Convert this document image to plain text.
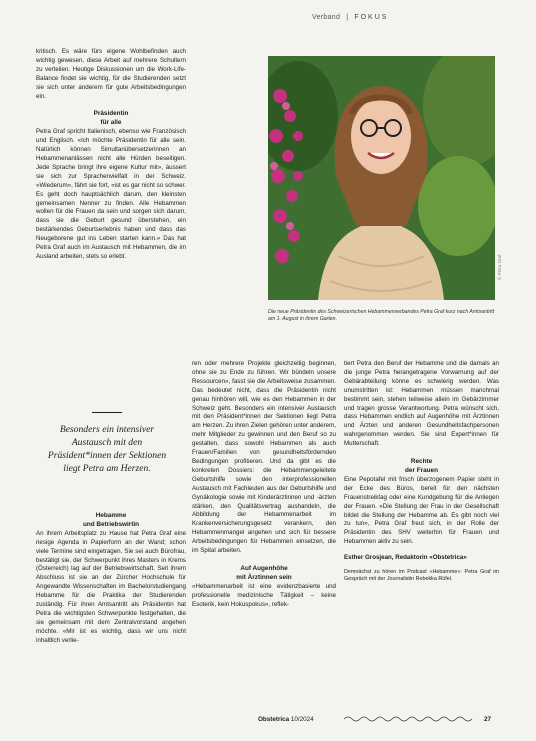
Verband | FOKUS

kritisch. Es wäre fürs eigene Wohlbefinden auch wichtig gewesen, diese Arbeit auf mehrere Schultern zu verteilen. Heutige Diskussionen um die Work-Life-Balance findet sie wichtig, für die Studierenden setzt sie sich unter anderem für gute Arbeitsbedingungen ein.

Präsidentin
für alle

Petra Graf spricht Italienisch, ebenso wie Französisch und Englisch. «Ich möchte Präsidentin für alle sein. Natürlich können Simultanübersetzerinnen an Hebammenanlässen nicht alle Hürden beseitigen. Jede Sprache bringt ihre eigene Kultur mit», äussert sie sich zur Sprachenvielfalt in der Schweiz. «Wiederum», fährt sie fort, «ist es gar nicht so schwer. Es geht doch hauptsächlich darum, den kleinsten gemeinsamen Nenner zu finden. Alle Hebammen wollen für die Frauen da sein und sorgen sich darum, dass sie die Geburt gesund überstehen, ein bestärkendes Geburtserlebnis haben und dass das Neugeborene gut ins Leben starten kann.» Das hat Petra Graf auch im Austausch mit Hebammen, die im Ausland arbeiten, stets so erlebt.	© Petra Graf
Die neue Präsidentin des Schweizerischen Hebammenverbandes Petra Graf kurz nach Amtsantritt am 1. August in ihrem Garten.
Besonders ein intensiver Austausch mit den Präsident*innen der Sektionen liegt Petra am Herzen.
Hebamme
und Betriebswirtin

An ihrem Arbeitsplatz zu Hause hat Petra Graf eine riesige Agenda in Papierform an der Wand; schon viele Termine sind eingetragen. Sie sei auch Bürofrau, bestätigt sie, der Schwerpunkt ihres Masters in Krems (Österreich) lag auf der Betriebswirtschaft. Seit ihrem Abschluss ist sie an der Zürcher Hochschule für Angewandte Wissenschaften im Bachelorstudiengang Hebamme für die Praktika der Studierenden zuständig. Für ihren Amtsantritt als Präsidentin hat Petra die wichtigsten Schwerpunkte festgehalten, die sie gemeinsam mit dem Zentralvorstand angehen möchte. «Mir ist es wichtig, dass wir uns nicht inhaltlich verlie-

ren oder mehrere Projekte gleichzeitig beginnen, ohne sie zu Ende zu führen. Wir bündeln unsere Ressourcen», fasst sie die Arbeitsweise zusammen. Das bedeutet nicht, dass die Präsidentin nicht genau hinhören will, wie es den Hebammen in der Schweiz geht. Besonders ein intensiver Austausch mit den Präsident*innen der Sektionen liegt Petra am Herzen. Zu ihren Zielen gehören unter anderem, mehr Mitglieder zu gewinnen und den Beruf so zu gestalten, dass sowohl Hebammen als auch Frauen/Familien von gesundheitsfördernden Bedingungen profitieren. Und da gibt es die konkreten Dossiers: die Hebammengeleitete Geburtshilfe sowie den interprofessionellen Austausch mit Fachleuten aus der Geburtshilfe und Gynäkologie sowie mit Kinderärztinnen und -ärzten stärken, den Qualitätsvertrag aushandeln, die Abbildung der Hebammenarbeit im Krankenversicherungsgesetz verankern, den Hebammenmangel angehen und sich für bessere Arbeitsbedingungen für Hebammen einsetzen, die im Spital arbeiten.

Auf Augenhöhe
mit Ärztinnen sein

«Hebammenarbeit ist eine evidenzbasierte und professionelle medizinische Tätigkeit – keine Esoterik, kein Hokuspokus», reflek-

tiert Petra den Beruf der Hebamme und die damals an die junge Petra herangetragene Vorwarnung auf der Gebärabteilung könne es schwierig werden. Was unumstritten ist: Hebammen müssen manchmal bestimmt sein, stehen teilweise allein im Gebärzimmer und tragen grosse Verantwortung. Petra wünscht sich, dass Hebammen endlich auf Augenhöhe mit Ärztinnen und Ärzten und anderen Gesundheitsfachpersonen wahrgenommen werden. Sie sind Expert*innen für Mutterschaft.

Rechte
der Frauen

Eine Pepotafel mit frisch überzogenem Papier steht in der Ecke des Büros, bereit für den nächsten Frauenstreiktag oder eine Kundgebung für die Anliegen der Frauen. «Die Stellung der Frau in der Gesellschaft bildet die Stellung der Hebamme ab. Es gibt noch viel zu tun», Petra Graf freut sich, in der Rolle der Präsidentin des SHV weiterhin für Frauen und Hebammen aktiv zu sein.

Esther Grosjean, Redaktorin «Obstetrica»
Demnächst zu hören im Podcast «Hebamme»: Petra Graf im Gespräch mit der Journalistin Rebekka Rüfel.
Obstetrica 10/2024	27
